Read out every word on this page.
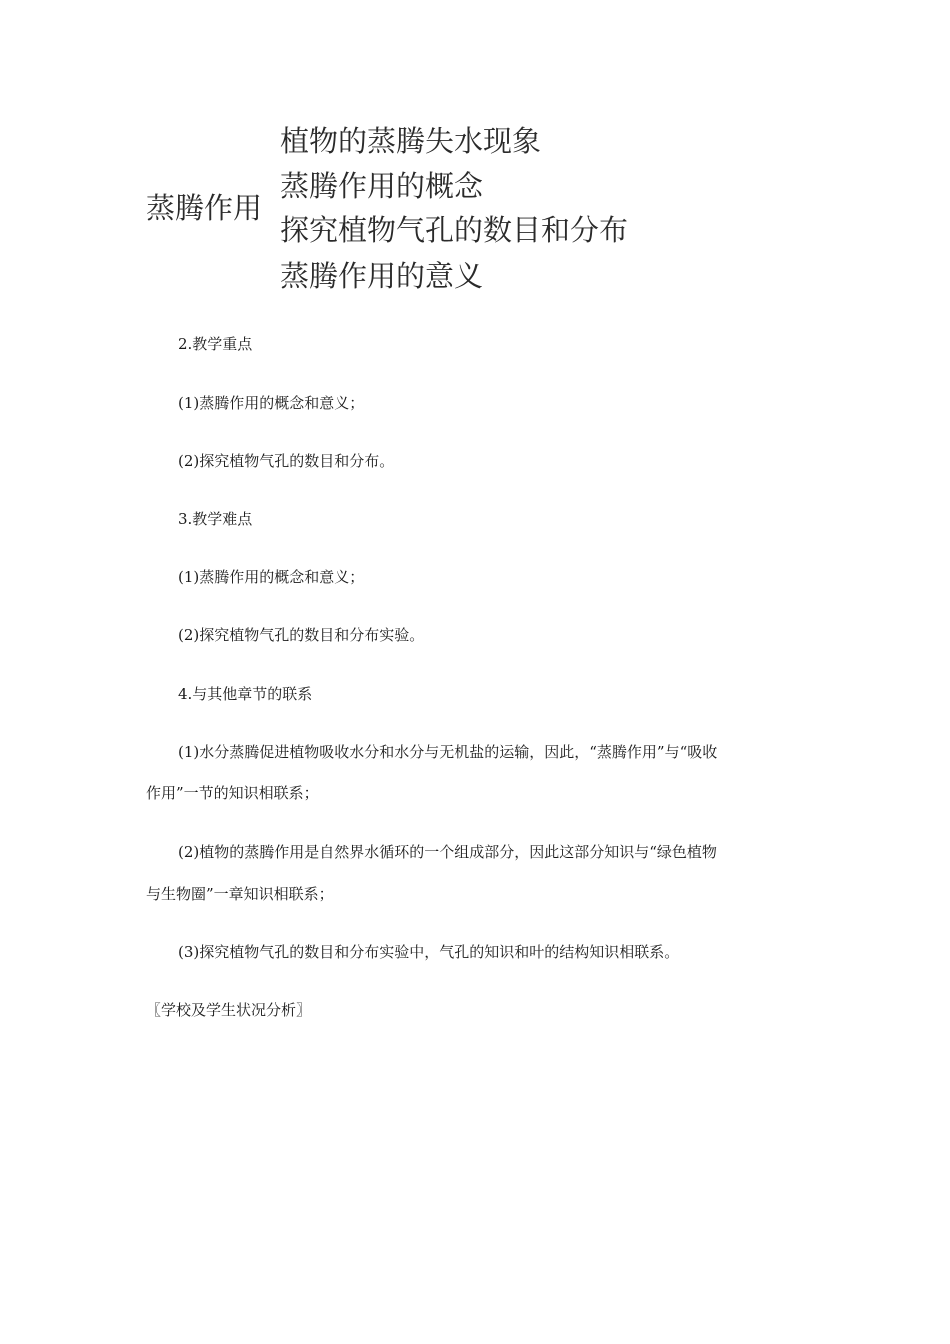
蒸腾作用
植物的蒸腾失水现象
蒸腾作用的概念
探究植物气孔的数目和分布
蒸腾作用的意义
2.教学重点
(1)蒸腾作用的概念和意义；
(2)探究植物气孔的数目和分布。
3.教学难点
(1)蒸腾作用的概念和意义；
(2)探究植物气孔的数目和分布实验。
4.与其他章节的联系
(1)水分蒸腾促进植物吸收水分和水分与无机盐的运输，因此，“蒸腾作用”与“吸收
作用”一节的知识相联系；
(2)植物的蒸腾作用是自然界水循环的一个组成部分，因此这部分知识与“绿色植物
与生物圈”一章知识相联系；
(3)探究植物气孔的数目和分布实验中，气孔的知识和叶的结构知识相联系。
〖学校及学生状况分析〗
